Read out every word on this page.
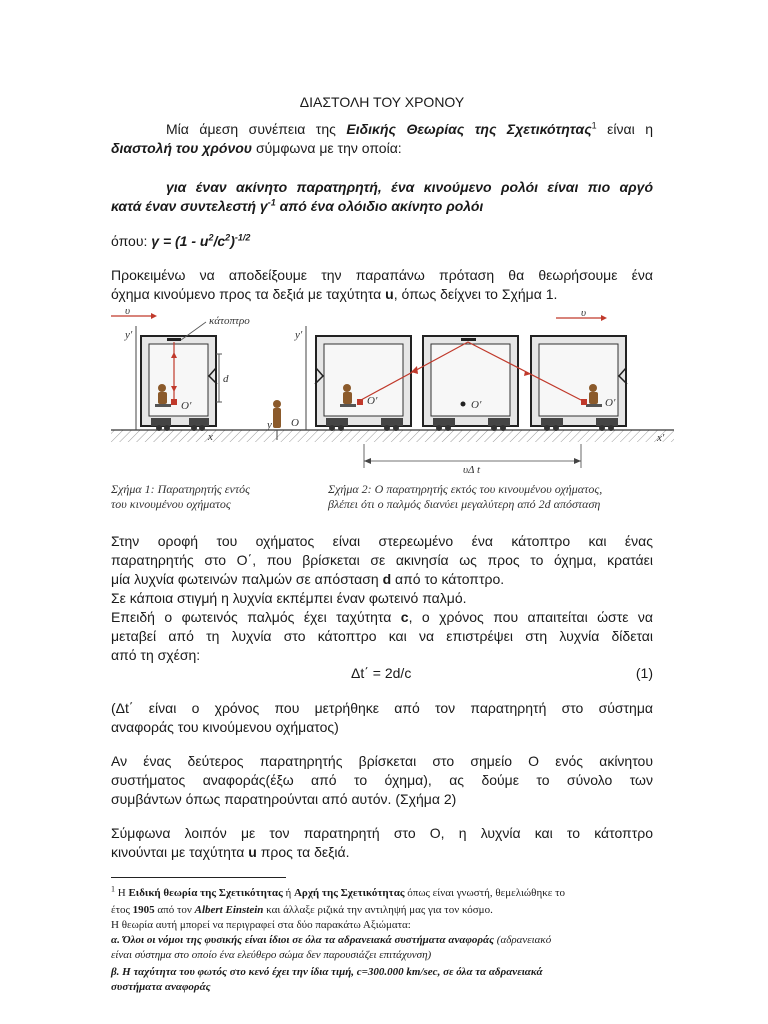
ΔΙΑΣΤΟΛΗ ΤΟΥ ΧΡΟΝΟΥ
Μία άμεση συνέπεια της Ειδικής Θεωρίας της Σχετικότητας$^1$ είναι η
διαστολή του χρόνου σύμφωνα με την οποία:
για έναν ακίνητο παρατηρητή, ένα κινούμενο ρολόι είναι πιο αργό
κατά έναν συντελεστή $\gamma^{-1}$ από ένα ολόιδιο ακίνητο ρολόι
όπου: $\gamma = (1 - u^2/c^2)^{-1/2}$
Προκειμένω να αποδείξουμε την παραπάνω πρόταση θα θεωρήσουμε ένα
όχημα κινούμενο προς τα δεξιά με ταχύτητα u, όπως δείχνει το Σχήμα 1.
κάτοπτρο
υ
y′
d
O′
x
y′
y O
O′	O′	O′
υ
x′
υΔ t
Σχήμα 1: Παρατηρητής εντός
του κινουμένου οχήματος
Σχήμα 2: Ο παρατηρητής εκτός του κινουμένου οχήματος,
βλέπει ότι ο παλμός διανύει μεγαλύτερη από 2d απόσταση
Στην οροφή του οχήματος είναι στερεωμένο ένα κάτοπτρο και ένας
παρατηρητής στο Ο΄, που βρίσκεται σε ακινησία ως προς το όχημα, κρατάει
μία λυχνία φωτεινών παλμών σε απόσταση d από το κάτοπτρο.
Σε κάποια στιγμή η λυχνία εκπέμπει έναν φωτεινό παλμό.
Επειδή ο φωτεινός παλμός έχει ταχύτητα c, ο χρόνος που απαιτείται ώστε να
μεταβεί από τη λυχνία στο κάτοπτρο και να επιστρέψει στη λυχνία δίδεται
από τη σχέση:
Δt΄ = 2d/c	(1)
(Δt΄ είναι ο χρόνος που μετρήθηκε από τον παρατηρητή στο σύστημα
αναφοράς του κινούμενου οχήματος)
Αν ένας δεύτερος παρατηρητής βρίσκεται στο σημείο Ο ενός ακίνητου
συστήματος αναφοράς(έξω από το όχημα), ας δούμε το σύνολο των
συμβάντων όπως παρατηρούνται από αυτόν. (Σχήμα 2)
Σύμφωνα λοιπόν με τον παρατηρητή στο Ο, η λυχνία και το κάτοπτρο
κινούνται με ταχύτητα u προς τα δεξιά.
$^1$ Η Ειδική θεωρία της Σχετικότητας ή Αρχή της Σχετικότητας όπως είναι γνωστή, θεμελιώθηκε το
έτος 1905 από τον Albert Einstein και άλλαξε ριζικά την αντιληψή μας για τον κόσμο.
Η θεωρία αυτή μπορεί να περιγραφεί στα δύο παρακάτω Αξιώματα:
α. Όλοι οι νόμοι της φυσικής είναι ίδιοι σε όλα τα αδρανειακά συστήματα αναφοράς (αδρανειακό
είναι σύστημα στο οποίο ένα ελεύθερο σώμα δεν παρουσιάζει επιτάχυνση)
β. Η ταχύτητα του φωτός στο κενό έχει την ίδια τιμή, c=300.000 km/sec, σε όλα τα αδρανειακά
συστήματα αναφοράς
